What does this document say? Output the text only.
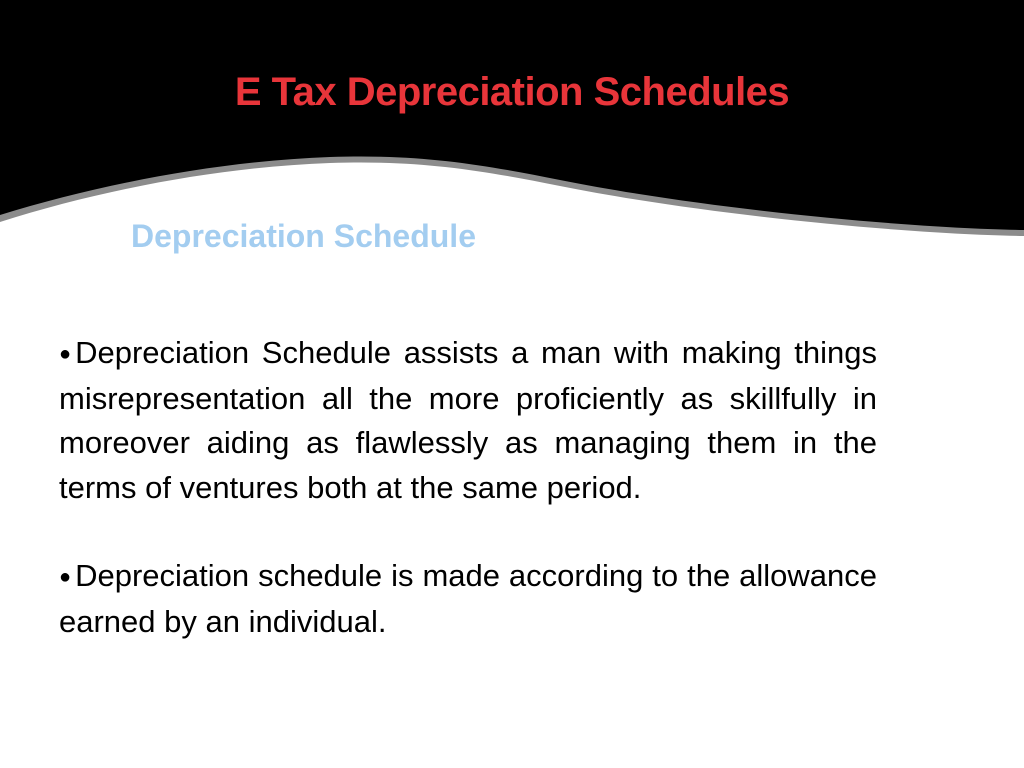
E Tax Depreciation Schedules
Depreciation Schedule
● Depreciation Schedule assists a man with making things misrepresentation all the more proficiently as skillfully in moreover aiding as flawlessly as managing them in the terms of ventures both at the same period.
● Depreciation schedule is made according to the allowance earned by an individual.
